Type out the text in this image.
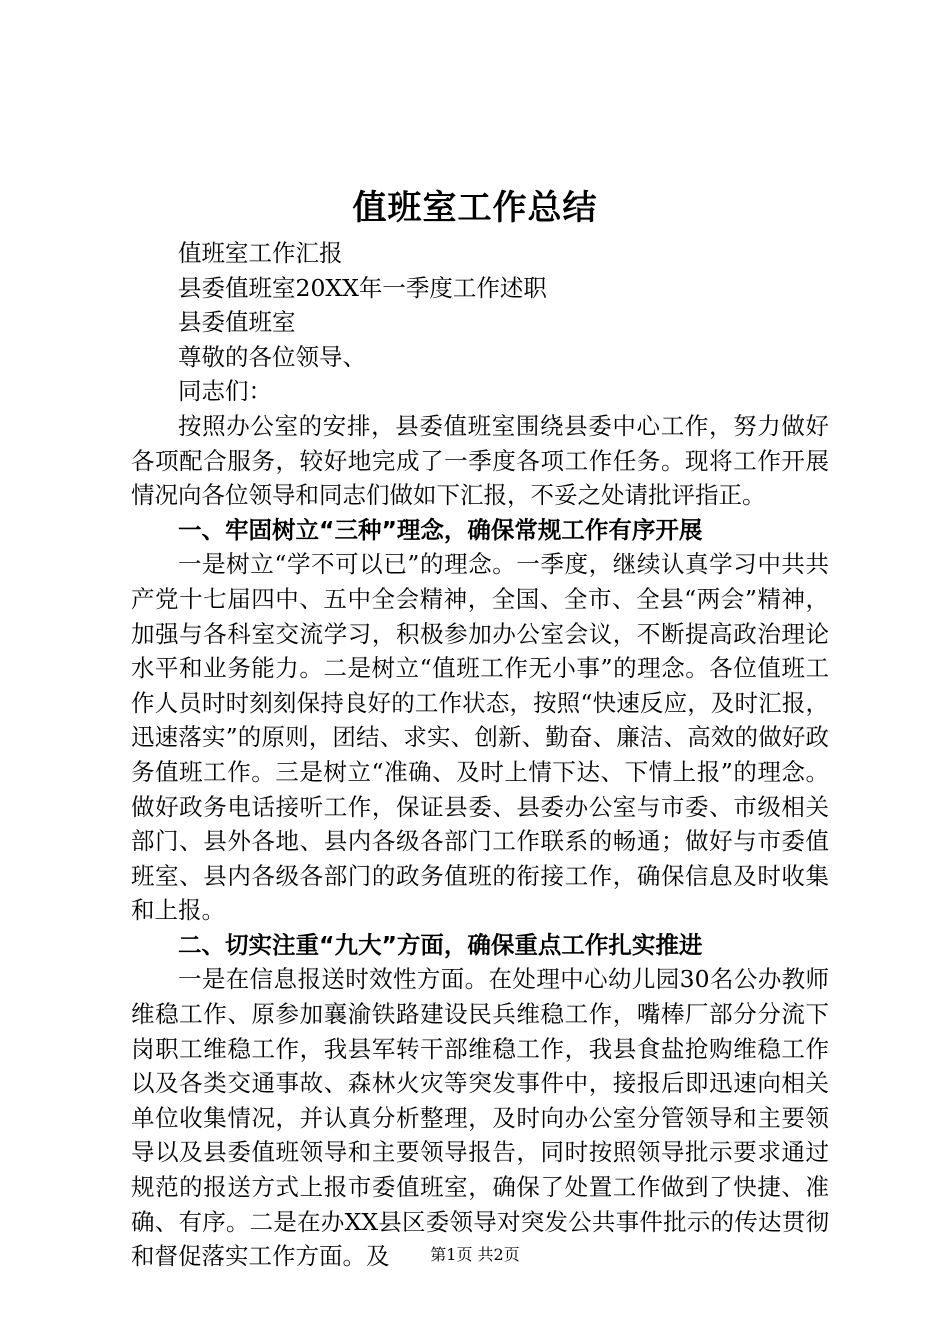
值班室工作总结

值班室工作汇报

县委值班室20XX年一季度工作述职

县委值班室

尊敬的各位领导、

同志们：

按照办公室的安排，县委值班室围绕县委中心工作，努力做好各项配合服务，较好地完成了一季度各项工作任务。现将工作开展情况向各位领导和同志们做如下汇报，不妥之处请批评指正。

一、牢固树立“三种”理念，确保常规工作有序开展

一是树立“学不可以已”的理念。一季度，继续认真学习中共共产党十七届四中、五中全会精神，全国、全市、全县“两会”精神，加强与各科室交流学习，积极参加办公室会议，不断提高政治理论水平和业务能力。二是树立“值班工作无小事”的理念。各位值班工作人员时时刻刻保持良好的工作状态，按照“快速反应，及时汇报，迅速落实”的原则，团结、求实、创新、勤奋、廉洁、高效的做好政务值班工作。三是树立“准确、及时上情下达、下情上报”的理念。做好政务电话接听工作，保证县委、县委办公室与市委、市级相关部门、县外各地、县内各级各部门工作联系的畅通；做好与市委值班室、县内各级各部门的政务值班的衔接工作，确保信息及时收集和上报。

二、切实注重“九大”方面，确保重点工作扎实推进

一是在信息报送时效性方面。在处理中心幼儿园30名公办教师维稳工作、原参加襄渝铁路建设民兵维稳工作，嘴棒厂部分分流下岗职工维稳工作，我县军转干部维稳工作，我县食盐抢购维稳工作以及各类交通事故、森林火灾等突发事件中，接报后即迅速向相关单位收集情况，并认真分析整理，及时向办公室分管领导和主要领导以及县委值班领导和主要领导报告，同时按照领导批示要求通过规范的报送方式上报市委值班室，确保了处置工作做到了快捷、准确、有序。二是在办XX县区委领导对突发公共事件批示的传达贯彻和督促落实工作方面。及	第1页 共2页
